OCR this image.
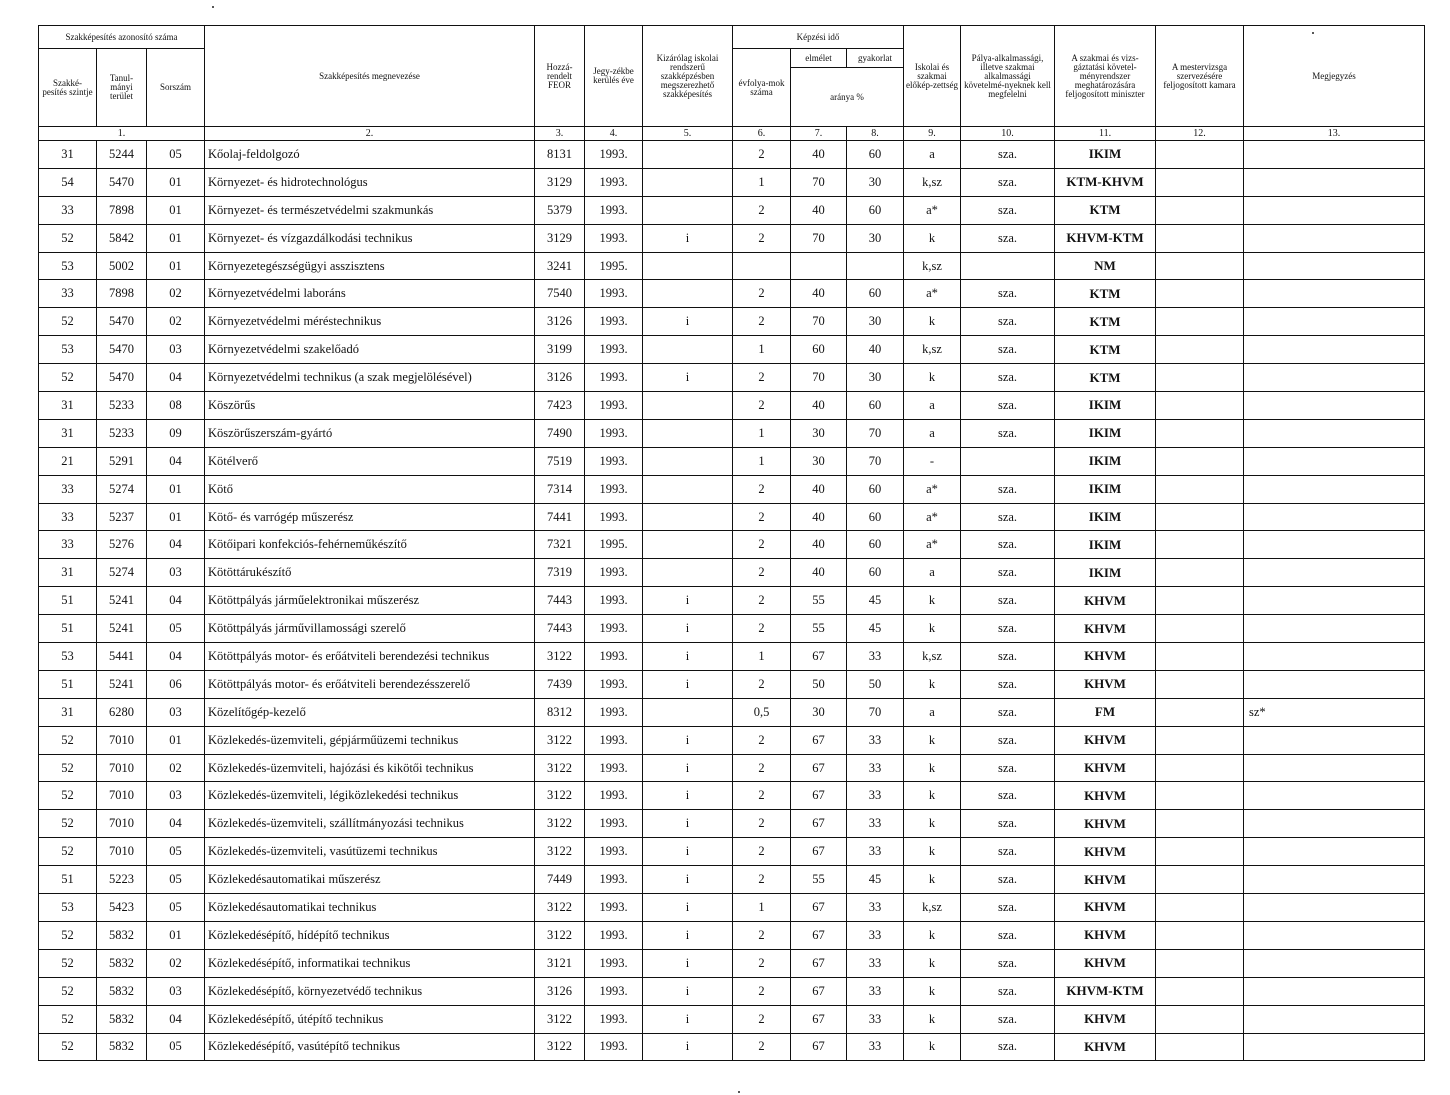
Szakképesítés azonosító száma			Szakképesítés megnevezése	Hozzá-rendelt FEOR	Jegy-zékbe kerülés éve	Kizárólag iskolai rendszerű szakképzésben megszerezhető szakképesítés	Képzési idő			Iskolai és szakmai előkép-zettség	Pálya-alkalmassági, illetve szakmai alkalmassági követelmé-nyeknek kell megfelelni	A szakmai és vizs-gáztatási követel-ményrendszer meghatározására feljogosított miniszter	A mestervizsga szervezésére feljogosított kamara	Megjegyzés

Szakké-pesítés szintje	Tanul-mányi terület	Sorszám					évfolya-mok száma	elmélet	gyakorlat					
								aránya %						
1.			2.	3.	4.	5.	6.	7.	8.	9.	10.	11.	12.	13.
31	5244	05	Kőolaj-feldolgozó	8131	1993.		2	40	60	a	sza.	IKIM		
54	5470	01	Környezet- és hidrotechnológus	3129	1993.		1	70	30	k,sz	sza.	KTM-KHVM		
33	7898	01	Környezet- és természetvédelmi szakmunkás	5379	1993.		2	40	60	a*	sza.	KTM		
52	5842	01	Környezet- és vízgazdálkodási technikus	3129	1993.	i	2	70	30	k	sza.	KHVM-KTM		
53	5002	01	Környezetegészségügyi asszisztens	3241	1995.					k,sz		NM		
33	7898	02	Környezetvédelmi laboráns	7540	1993.		2	40	60	a*	sza.	KTM		
52	5470	02	Környezetvédelmi méréstechnikus	3126	1993.	i	2	70	30	k	sza.	KTM		
53	5470	03	Környezetvédelmi szakelőadó	3199	1993.		1	60	40	k,sz	sza.	KTM		
52	5470	04	Környezetvédelmi technikus (a szak megjelölésével)	3126	1993.	i	2	70	30	k	sza.	KTM		
31	5233	08	Köszörűs	7423	1993.		2	40	60	a	sza.	IKIM		
31	5233	09	Köszörűszerszám-gyártó	7490	1993.		1	30	70	a	sza.	IKIM		
21	5291	04	Kötélverő	7519	1993.		1	30	70	-		IKIM		
33	5274	01	Kötő	7314	1993.		2	40	60	a*	sza.	IKIM		
33	5237	01	Kötő- és varrógép műszerész	7441	1993.		2	40	60	a*	sza.	IKIM		
33	5276	04	Kötőipari konfekciós-fehérneműkészítő	7321	1995.		2	40	60	a*	sza.	IKIM		
31	5274	03	Kötöttárukészítő	7319	1993.		2	40	60	a	sza.	IKIM		
51	5241	04	Kötöttpályás járműelektronikai műszerész	7443	1993.	i	2	55	45	k	sza.	KHVM		
51	5241	05	Kötöttpályás járművillamossági szerelő	7443	1993.	i	2	55	45	k	sza.	KHVM		
53	5441	04	Kötöttpályás motor- és erőátviteli berendezési technikus	3122	1993.	i	1	67	33	k,sz	sza.	KHVM		
51	5241	06	Kötöttpályás motor- és erőátviteli berendezésszerelő	7439	1993.	i	2	50	50	k	sza.	KHVM		
31	6280	03	Közelítőgép-kezelő	8312	1993.		0,5	30	70	a	sza.	FM		sz*
52	7010	01	Közlekedés-üzemviteli, gépjárműüzemi technikus	3122	1993.	i	2	67	33	k	sza.	KHVM		
52	7010	02	Közlekedés-üzemviteli, hajózási és kikötői technikus	3122	1993.	i	2	67	33	k	sza.	KHVM		
52	7010	03	Közlekedés-üzemviteli, légiközlekedési technikus	3122	1993.	i	2	67	33	k	sza.	KHVM		
52	7010	04	Közlekedés-üzemviteli, szállítmányozási technikus	3122	1993.	i	2	67	33	k	sza.	KHVM		
52	7010	05	Közlekedés-üzemviteli, vasútüzemi technikus	3122	1993.	i	2	67	33	k	sza.	KHVM		
51	5223	05	Közlekedésautomatikai műszerész	7449	1993.	i	2	55	45	k	sza.	KHVM		
53	5423	05	Közlekedésautomatikai technikus	3122	1993.	i	1	67	33	k,sz	sza.	KHVM		
52	5832	01	Közlekedésépítő, hídépítő technikus	3122	1993.	i	2	67	33	k	sza.	KHVM		
52	5832	02	Közlekedésépítő, informatikai technikus	3121	1993.	i	2	67	33	k	sza.	KHVM		
52	5832	03	Közlekedésépítő, környezetvédő technikus	3126	1993.	i	2	67	33	k	sza.	KHVM-KTM		
52	5832	04	Közlekedésépítő, útépítő technikus	3122	1993.	i	2	67	33	k	sza.	KHVM		
52	5832	05	Közlekedésépítő, vasútépítő technikus	3122	1993.	i	2	67	33	k	sza.	KHVM		
